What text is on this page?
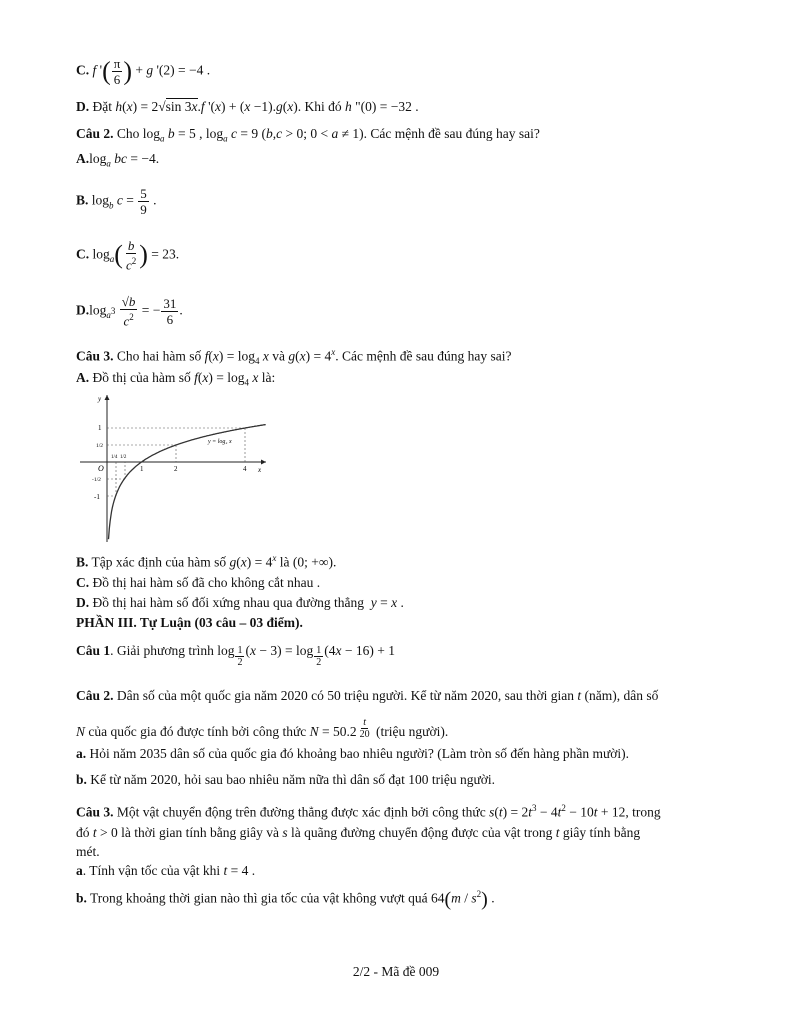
C. f '( $\frac{\pi}{6}$ ) + g '(2) = −4 .
D. Đặt h(x) = 2√sin 3x.f '(x) + (x −1).g(x). Khi đó h "(0) = −32 .
Câu 2. Cho $\log_a b = 5$ , $\log_a c = 9$ (b,c > 0; 0 < a ≠ 1). Các mệnh đề sau đúng hay sai?
$A.\log_a$ bc = −4.
B. $\log_b c = \frac{5}{9}$ .
C. $\log_a( \frac{b}{c^2}$ ) = 23.
$D.\log_{a^3} \frac{√b}{c^2}$ = − $\frac{31}{6}$ .
Câu 3. Cho hai hàm số $f(x) = \log_4 x$ và $g(x) = 4^x$. Các mệnh đề sau đúng hay sai?
A. Đồ thị của hàm số $f(x) = \log_4 x$ là:
y
x
O
1
1/2
-1/2
-1
1/4 1/2
1	2	4
y = log₄ x
B. Tập xác định của hàm số $g(x) = 4^x$ là (0; +∞).
C. Đồ thị hai hàm số đã cho không cắt nhau .
D. Đồ thị hai hàm số đối xứng nhau qua đường thẳng y = x .
PHẦN III. Tự Luận (03 câu – 03 điểm).
Câu 1. Giải phương trình log $_{\frac{1}{2}}$ (x − 3) = log $_{\frac{1}{2}}$ (4x − 16) + 1
Câu 2. Dân số của một quốc gia năm 2020 có 50 triệu người. Kể từ năm 2020, sau thời gian t (năm), dân số
N của quốc gia đó được tính bởi công thức N = 50.2 $^{\frac{t}{20}}$ (triệu người).
a. Hỏi năm 2035 dân số của quốc gia đó khoảng bao nhiêu người? (Làm tròn số đến hàng phần mười).
b. Kể từ năm 2020, hỏi sau bao nhiêu năm nữa thì dân số đạt 100 triệu người.
Câu 3. Một vật chuyển động trên đường thẳng được xác định bởi công thức $s(t) = 2t^3 - 4t^2 - 10t + 12$, trong
đó t > 0 là thời gian tính bằng giây và s là quãng đường chuyển động được của vật trong t giây tính bằng
mét.
a. Tính vận tốc của vật khi t = 4 .
b. Trong khoảng thời gian nào thì gia tốc của vật không vượt quá $64(m / s^2)$ .
2/2 - Mã đề 009
